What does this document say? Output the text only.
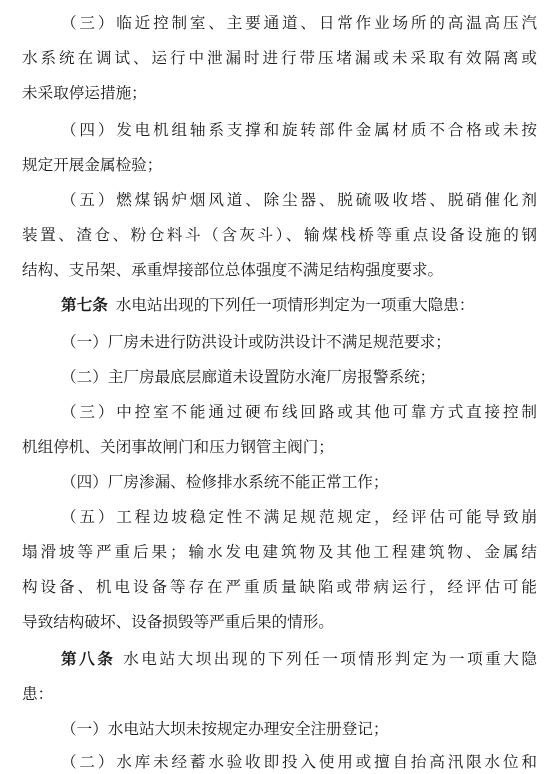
（三）临近控制室、主要通道、日常作业场所的高温高压汽
水系统在调试、运行中泄漏时进行带压堵漏或未采取有效隔离或
未采取停运措施；
（四）发电机组轴系支撑和旋转部件金属材质不合格或未按
规定开展金属检验；
（五）燃煤锅炉烟风道、除尘器、脱硫吸收塔、脱硝催化剂
装置、渣仓、粉仓料斗（含灰斗）、输煤栈桥等重点设备设施的钢
结构、支吊架、承重焊接部位总体强度不满足结构强度要求。
第七条 水电站出现的下列任一项情形判定为一项重大隐患：
（一）厂房未进行防洪设计或防洪设计不满足规范要求；
（二）主厂房最底层廊道未设置防水淹厂房报警系统；
（三）中控室不能通过硬布线回路或其他可靠方式直接控制
机组停机、关闭事故闸门和压力钢管主阀门；
（四）厂房渗漏、检修排水系统不能正常工作；
（五）工程边坡稳定性不满足规范规定，经评估可能导致崩
塌滑坡等严重后果；输水发电建筑物及其他工程建筑物、金属结
构设备、机电设备等存在严重质量缺陷或带病运行，经评估可能
导致结构破坏、设备损毁等严重后果的情形。
第八条 水电站大坝出现的下列任一项情形判定为一项重大隐
患：
（一）水电站大坝未按规定办理安全注册登记；
（二）水库未经蓄水验收即投入使用或擅自抬高汛限水位和
